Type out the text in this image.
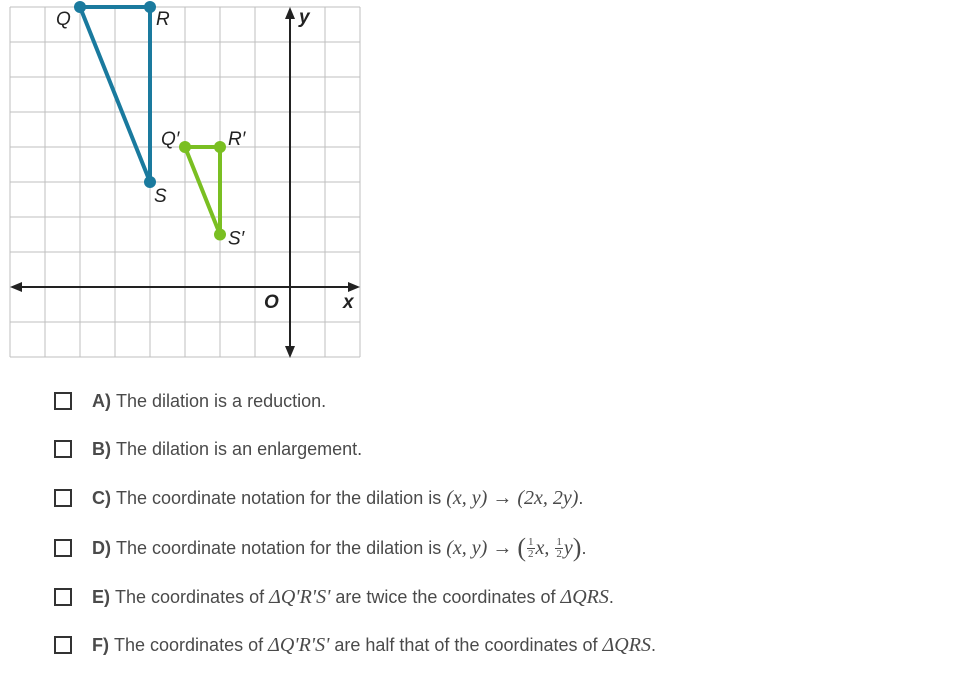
y
x
O
Q	R
S
Q′	R′
S′
A) The dilation is a reduction.
B) The dilation is an enlargement.
C) The coordinate notation for the dilation is
(x, y)
→
(2x, 2y) .
D) The coordinate notation for the dilation is
(x, y)
→
( $\frac{1}{2}$ x , $\frac{1}{2}$ y ) .
E) The coordinates of
ΔQ'R'S'
are twice the coordinates of
ΔQRS .
F) The coordinates of
ΔQ'R'S'
are half that of the coordinates of
ΔQRS .
